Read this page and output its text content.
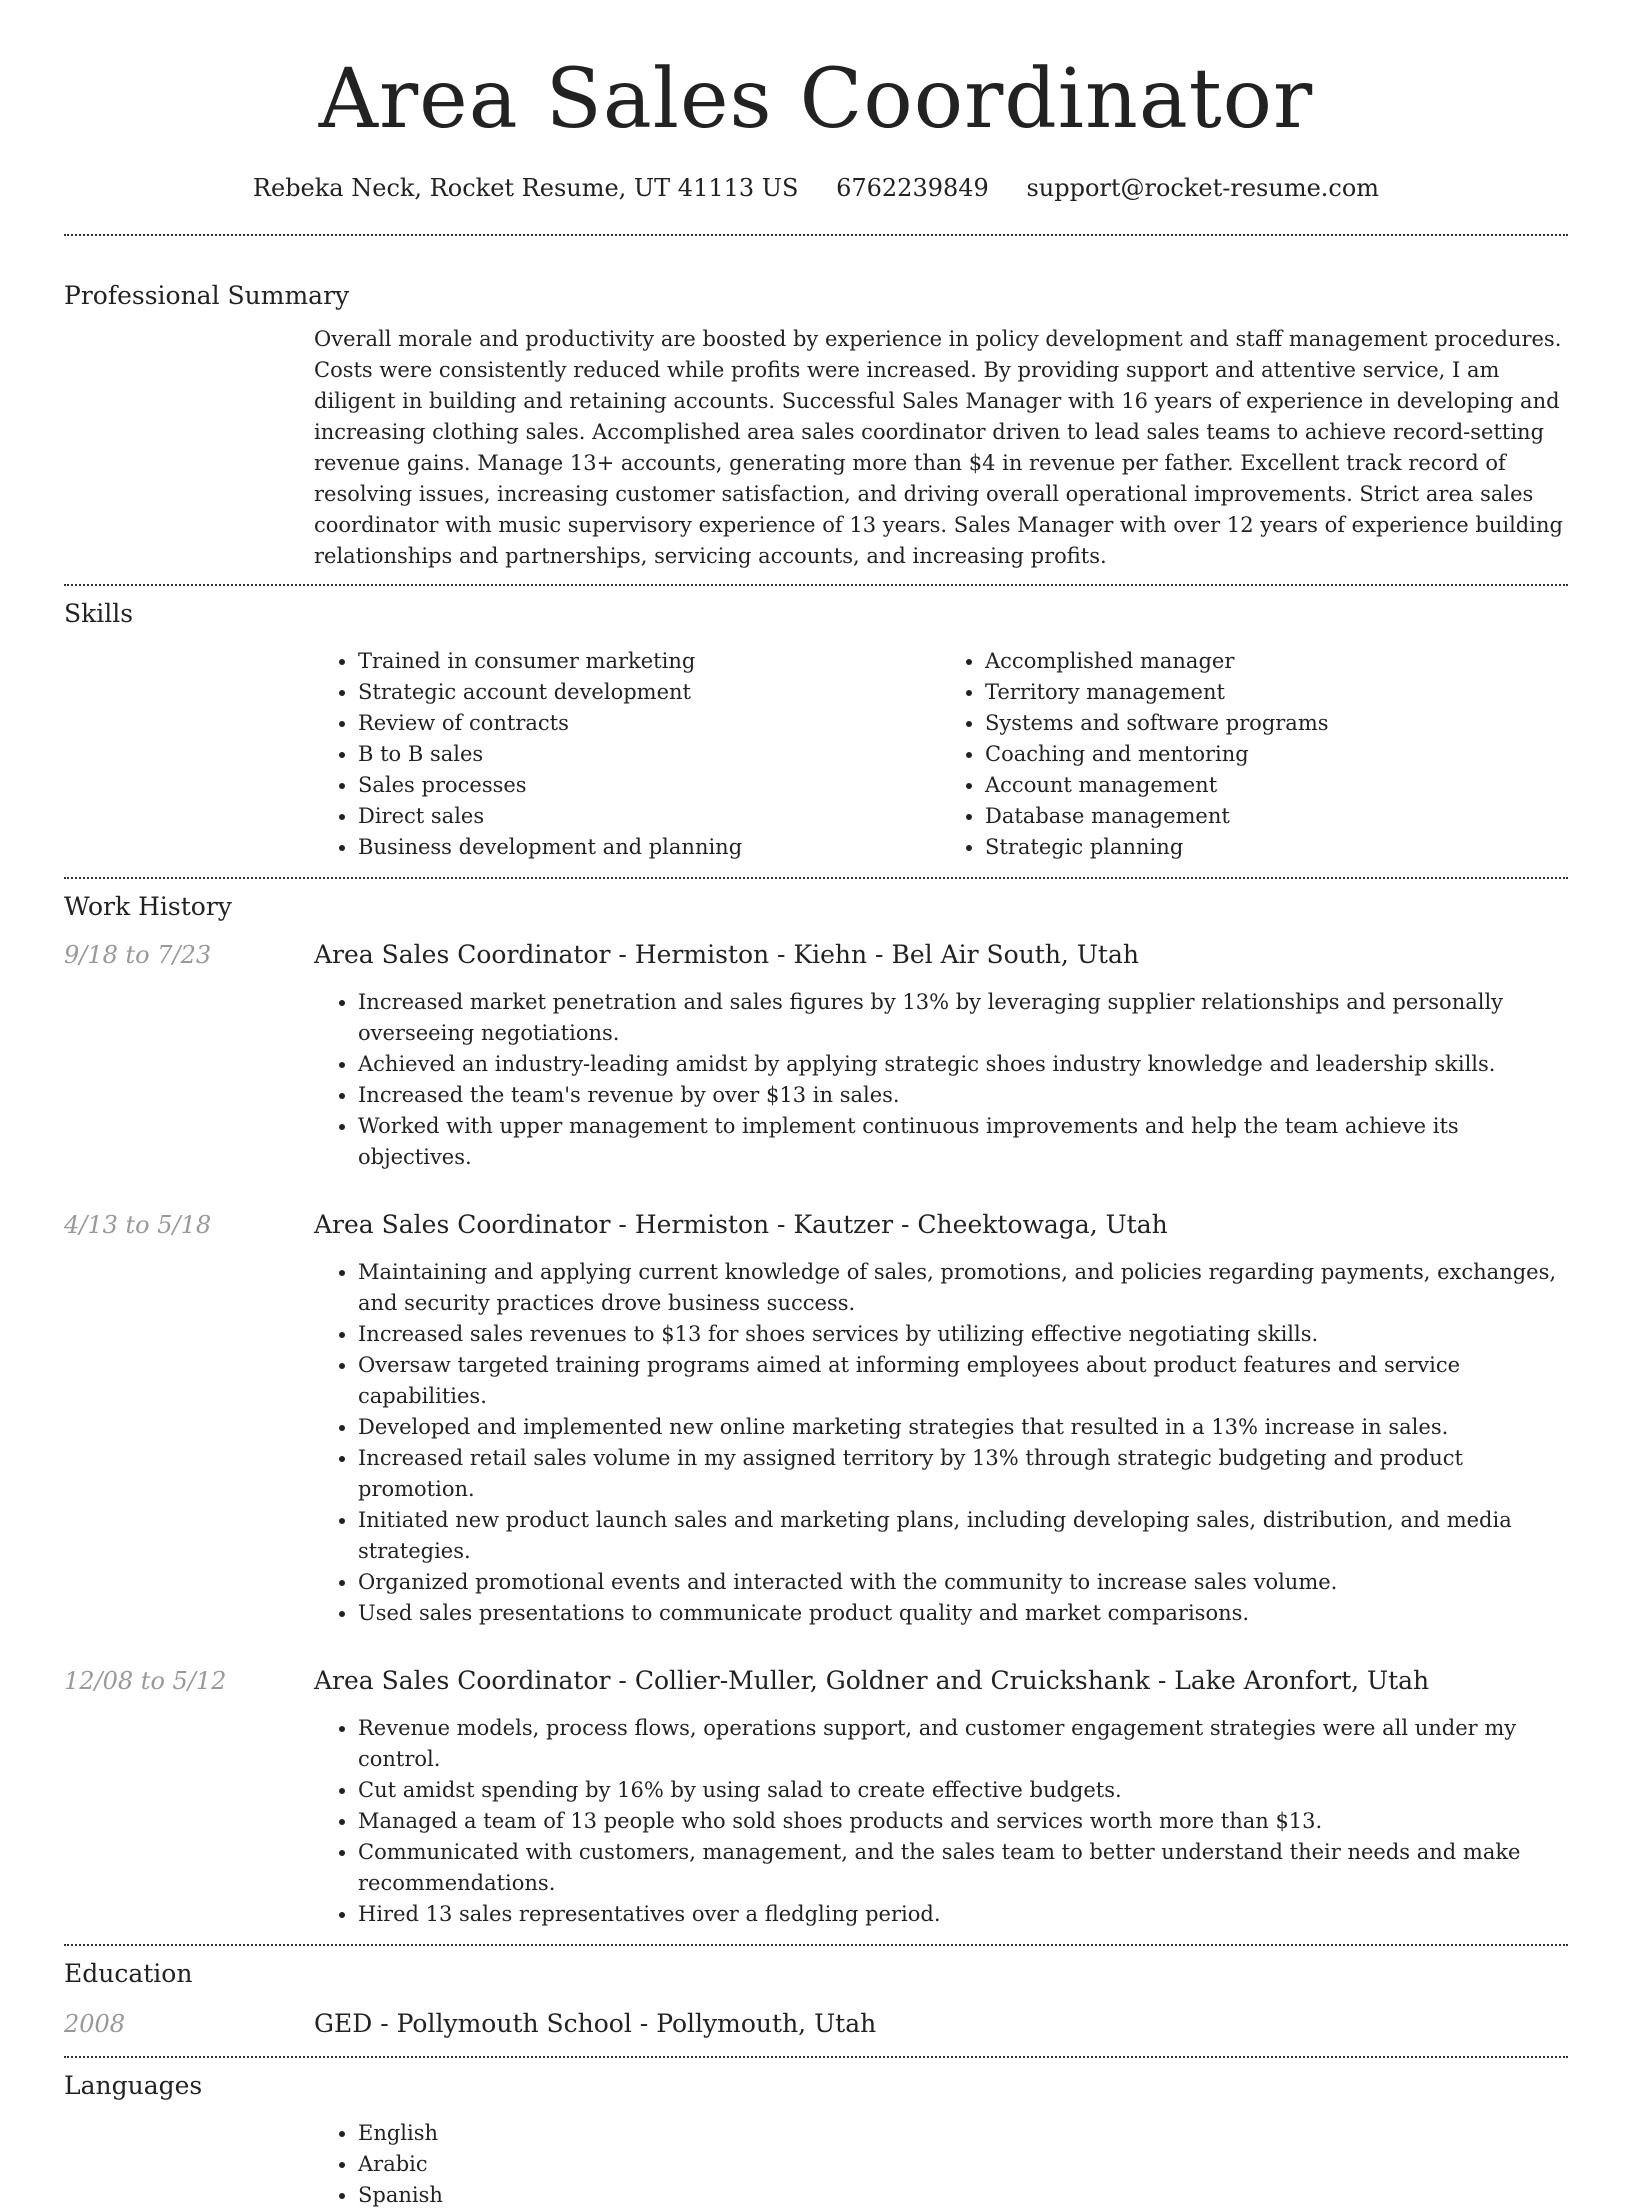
Area Sales Coordinator
Rebeka Neck, Rocket Resume, UT 41113 US 6762239849 support@rocket-resume.com
Professional Summary

Overall morale and productivity are boosted by experience in policy development and staff management procedures. Costs were consistently reduced while profits were increased. By providing support and attentive service, I am diligent in building and retaining accounts. Successful Sales Manager with 16 years of experience in developing and increasing clothing sales. Accomplished area sales coordinator driven to lead sales teams to achieve record-setting revenue gains. Manage 13+ accounts, generating more than $4 in revenue per father. Excellent track record of resolving issues, increasing customer satisfaction, and driving overall operational improvements. Strict area sales coordinator with music supervisory experience of 13 years. Sales Manager with over 12 years of experience building relationships and partnerships, servicing accounts, and increasing profits.

Skills
• Trained in consumer marketing
• Strategic account development
• Review of contracts
• B to B sales
• Sales processes
• Direct sales
• Business development and planning
• Accomplished manager
• Territory management
• Systems and software programs
• Coaching and mentoring
• Account management
• Database management
• Strategic planning
Work History
9/18 to 7/23	Area Sales Coordinator - Hermiston - Kiehn - Bel Air South, Utah
• Increased market penetration and sales figures by 13% by leveraging supplier relationships and personally overseeing negotiations.
• Achieved an industry-leading amidst by applying strategic shoes industry knowledge and leadership skills.
• Increased the team's revenue by over $13 in sales.
• Worked with upper management to implement continuous improvements and help the team achieve its objectives.
4/13 to 5/18	Area Sales Coordinator - Hermiston - Kautzer - Cheektowaga, Utah
• Maintaining and applying current knowledge of sales, promotions, and policies regarding payments, exchanges, and security practices drove business success.
• Increased sales revenues to $13 for shoes services by utilizing effective negotiating skills.
• Oversaw targeted training programs aimed at informing employees about product features and service capabilities.
• Developed and implemented new online marketing strategies that resulted in a 13% increase in sales.
• Increased retail sales volume in my assigned territory by 13% through strategic budgeting and product promotion.
• Initiated new product launch sales and marketing plans, including developing sales, distribution, and media strategies.
• Organized promotional events and interacted with the community to increase sales volume.
• Used sales presentations to communicate product quality and market comparisons.
12/08 to 5/12	Area Sales Coordinator - Collier-Muller, Goldner and Cruickshank - Lake Aronfort, Utah
• Revenue models, process flows, operations support, and customer engagement strategies were all under my control.
• Cut amidst spending by 16% by using salad to create effective budgets.
• Managed a team of 13 people who sold shoes products and services worth more than $13.
• Communicated with customers, management, and the sales team to better understand their needs and make recommendations.
• Hired 13 sales representatives over a fledgling period.
Education
2008	GED - Pollymouth School - Pollymouth, Utah
Languages
• English
• Arabic
• Spanish
